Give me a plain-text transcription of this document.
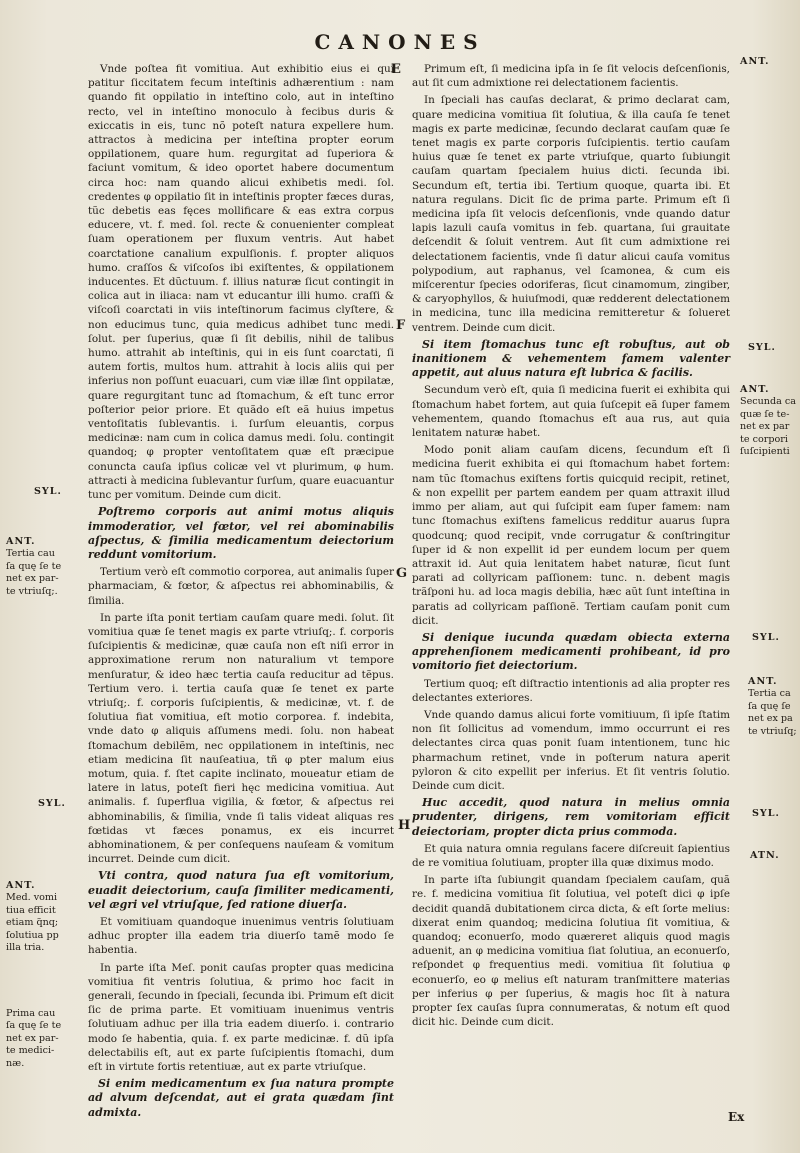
CANONES

Vnde poſtea fit vomitiua. Aut exhibitio eius ei qui patitur ſiccitatem fecum inteſtinis adhærentium : nam quando fit oppilatio in inteſtino colo, aut in inteſtino recto, vel in inteſtino monoculo à fecibus duris & exiccatis in eis, tunc nõ poteſt natura expellere hum. attractos à medicina per inteſtina propter eorum oppilationem, quare hum. regurgitat ad ſuperiora & faciunt vomitum, & ideo oportet habere documentum circa hoc: nam quando alicui exhibetis medi. ſol. credentes φ oppilatio ſit in inteſtinis propter fæces duras, tũc debetis eas fęces mollificare & eas extra corpus educere, vt. f. med. ſol. recte & conuenienter compleat ſuam operationem per fluxum ventris. Aut habet coarctatione canalium expulſionis. f. propter aliquos humo. craſſos & viſcoſos ibi exiſtentes, & oppilationem inducentes. Et dũctuum. f. illius naturæ ſicut contingit in colica aut in iliaca: nam vt educantur illi humo. craſſi & viſcoſi coarctati in viis inteſtinorum facimus clyſtere, & non educimus tunc, quia medicus adhibet tunc medi. ſolut. per ſuperius, quæ ſi ſit debilis, nihil de talibus humo. attrahit ab inteſtinis, qui in eis ſunt coarctati, ſi autem fortis, multos hum. attrahit à locis aliis qui per inferius non poſſunt euacuari, cum viæ illæ ſint oppilatæ, quare regurgitant tunc ad ſtomachum, & eſt tunc error poſterior peior priore. Et quãdo eſt eã huius impetus ventoſitatis ſublevantis. i. ſurſum eleuantis, corpus medicinæ: nam cum in colica damus medi. ſolu. contingit quandoq; φ propter ventoſitatem quæ eſt præcipue conuncta cauſa ipſius colicæ vel vt plurimum, φ hum. attracti à medicina ſublevantur ſurſum, quare euacuantur tunc per vomitum. Deinde cum dicit.

Poſtremo corporis aut animi motus aliquis immoderatior, vel fœtor, vel rei abominabilis aſpectus, & ſimilia medicamentum deiectorium reddunt vomitorium.

Tertium verò eſt commotio corporea, aut animalis ſuper pharmaciam, & fœtor, & aſpectus rei abhominabilis, & ſimilia.

In parte iſta ponit tertiam cauſam quare medi. ſolut. ſit vomitiua quæ ſe tenet magis ex parte vtriuſq;. f. corporis ſuſcipientis & medicinæ, quæ cauſa non eſt niſi error in approximatione rerum non naturalium vt tempore menſuratur, & ideo hæc tertia cauſa reducitur ad tẽpus. Tertium vero. i. tertia cauſa quæ ſe tenet ex parte vtriuſq;. f. corporis ſuſcipientis, & medicinæ, vt. f. de ſolutiua fiat vomitiua, eſt motio corporea. f. indebita, vnde dato φ aliquis aſſumens medi. ſolu. non habeat ſtomachum debilẽm, nec oppilationem in inteſtinis, nec etiam medicina ſit nauſeatiua, tñ φ pter malum eius motum, quia. f. ſtet capite inclinato, moueatur etiam de latere in latus, poteſt fieri hęc medicina vomitiua. Aut animalis. f. ſuperflua vigilia, & fœtor, & aſpectus rei abhominabilis, & ſimilia, vnde ſi talis videat aliquas res fœtidas vt fæces ponamus, ex eis incurret abhominationem, & per conſequens nauſeam & vomitum incurret. Deinde cum dicit.

Vti contra, quod natura ſua eſt vomitorium, euadit deiectorium, cauſa ſimiliter medicamenti, vel ægri vel vtriuſque, ſed ratione diuerſa.

Et vomitiuam quandoque inuenimus ventris ſolutiuam adhuc propter illa eadem tria diuerſo tamẽ modo ſe habentia.

In parte iſta Meſ. ponit cauſas propter quas medicina vomitiua fit ventris ſolutiua, & primo hoc facit in generali, ſecundo in ſpeciali, ſecunda ibi. Primum eſt dicit ſic de prima parte. Et vomitiuam inuenimus ventris ſolutiuam adhuc per illa tria eadem diuerſo. i. contrario modo ſe habentia, quia. f. ex parte medicinæ. f. dũ ipſa delectabilis eſt, aut ex parte ſuſcipientis ſtomachi, dum eſt in virtute fortis retentiuæ, aut ex parte vtriuſque.

Si enim medicamentum ex ſua natura prompte ad alvum deſcendat, aut ei grata quædam ſint admixta.

Primum eſt, ſi medicina ipſa in ſe ſit velocis deſcenſionis, aut ſit cum admixtione rei delectationem facientis.

In ſpeciali has cauſas declarat, & primo declarat cam, quare medicina vomitiua ſit ſolutiua, & illa cauſa ſe tenet magis ex parte medicinæ, ſecundo declarat cauſam quæ ſe tenet magis ex parte corporis ſuſcipientis. tertio cauſam huius quæ ſe tenet ex parte vtriuſque, quarto ſubiungit cauſam quartam ſpecialem huius dicti. ſecunda ibi. Secundum eſt, tertia ibi. Tertium quoque, quarta ibi. Et natura regulans. Dicit ſic de prima parte. Primum eſt ſi medicina ipſa ſit velocis deſcenſionis, vnde quando datur lapis lazuli cauſa vomitus in feb. quartana, ſui grauitate deſcendit & ſoluit ventrem. Aut ſit cum admixtione rei delectationem facientis, vnde ſi datur alicui cauſa vomitus polypodium, aut raphanus, vel ſcamonea, & cum eis miſcerentur ſpecies odoriferas, ſicut cinamomum, zingiber, & caryophyllos, & huiuſmodi, quæ redderent delectationem in medicina, tunc illa medicina remitteretur & ſolueret ventrem. Deinde cum dicit.

Si item ſtomachus tunc eſt robuſtus, aut ob inanitionem & vehementem famem valenter appetit, aut aluus natura eſt lubrica & facilis.

Secundum verò eſt, quia ſi medicina fuerit ei exhibita qui ſtomachum habet fortem, aut quia ſuſcepit eã ſuper famem vehementem, quando ſtomachus eſt aua rus, aut quia lenitatem naturæ habet.

Modo ponit aliam cauſam dicens, ſecundum eſt ſi medicina fuerit exhibita ei qui ſtomachum habet fortem: nam tũc ſtomachus exiſtens fortis quicquid recipit, retinet, & non expellit per partem eandem per quam attraxit illud immo per aliam, aut qui ſuſcipit eam ſuper famem: nam tunc ſtomachus exiſtens famelicus redditur auarus ſupra quodcunq; quod recipit, vnde corrugatur & conſtringitur ſuper id & non expellit id per eundem locum per quem attraxit id. Aut quia lenitatem habet naturæ, ſicut ſunt parati ad collyricam paſſionem: tunc. n. debent magis trãſponi hu. ad loca magis debilia, hæc aũt ſunt inteſtina in paratis ad collyricam paſſionẽ. Tertiam cauſam ponit cum dicit.

Si denique iucunda quædam obiecta externa apprehenſionem medicamenti prohibeant, id pro vomitorio fiet deiectorium.

Tertium quoq; eſt diſtractio intentionis ad alia propter res delectantes exteriores.

Vnde quando damus alicui forte vomitiuum, ſi ipſe ſtatim non ſit ſollicitus ad vomendum, immo occurrunt ei res delectantes circa quas ponit ſuam intentionem, tunc hic pharmachum retinet, vnde in poſterum natura aperit pyloron & cito expellit per inferius. Et ſit ventris ſolutio. Deinde cum dicit.

Huc accedit, quod natura in melius omnia prudenter, dirigens, rem vomitoriam efficit deiectoriam, propter dicta prius commoda.

Et quia natura omnia regulans facere diſcreuit ſapientius de re vomitiua ſolutiuam, propter illa quæ diximus modo.

In parte iſta ſubiungit quandam ſpecialem cauſam, quã re. f. medicina vomitiua ſit ſolutiua, vel poteſt dici φ ipſe decidit quandã dubitationem circa dicta, & eſt ſorte melius: dixerat enim quandoq; medicina ſolutiua ſit vomitiua, & quandoq; econuerſo, modo quæreret aliquis quod magis aduenit, an φ medicina vomitiua ſiat ſolutiua, an econuerſo, reſpondet φ frequentius medi. vomitiua ſit ſolutiua φ econuerſo, eo φ melius eſt naturam tranſmittere materias per inferius φ per ſuperius, & magis hoc ſit à natura propter ſex cauſas ſupra connumeratas, & notum eſt quod dicit hic. Deinde cum dicit.

SYL.
ANT.
Tertia cau
ſa quę ſe te
net ex par-
te vtriuſq;.
SYL.
ANT.
Med. vomi
tiua efficit
etiam q̃nq;
ſolutiua pp
illa tria.
Prima cau
ſa quę ſe te
net ex par-
te medici-
næ.
ANT.
SYL.
ANT.
Secunda ca
quæ ſe te-
net ex par
te corpori
ſuſcipienti
SYL.
ANT.
Tertia ca
ſa quę ſe
net ex pa
te vtriuſq;
SYL.
ATN.
E
F
G
H
Ex
